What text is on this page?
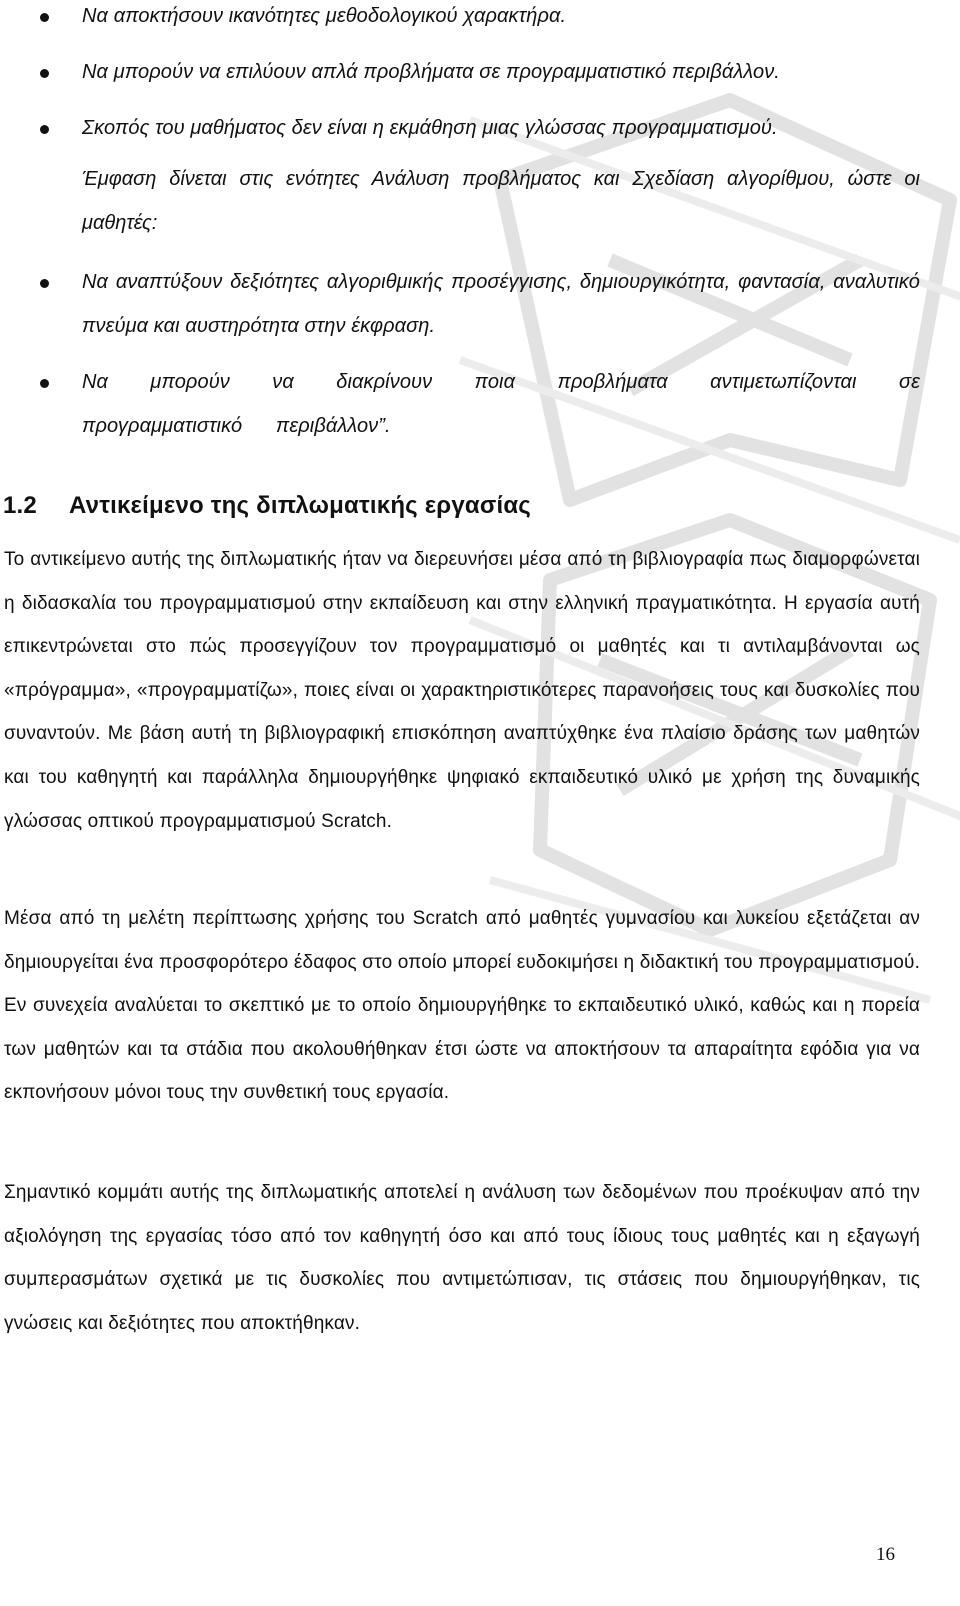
Να αποκτήσουν ικανότητες μεθοδολογικού χαρακτήρα.
Να μπορούν να επιλύουν απλά προβλήματα σε προγραμματιστικό περιβάλλον.
Σκοπός του μαθήματος δεν είναι η εκμάθηση μιας γλώσσας προγραμματισμού.
Έμφαση δίνεται στις ενότητες Ανάλυση προβλήματος και Σχεδίαση αλγορίθμου, ώστε οι μαθητές:
Να αναπτύξουν δεξιότητες αλγοριθμικής προσέγγισης, δημιουργικότητα, φαντασία, αναλυτικό πνεύμα και αυστηρότητα στην έκφραση.
Να μπορούν να διακρίνουν ποια προβλήματα αντιμετωπίζονται σε προγραμματιστικό περιβάλλον”.
1.2 Αντικείμενο της διπλωματικής εργασίας
Το αντικείμενο αυτής της διπλωματικής ήταν να διερευνήσει μέσα από τη βιβλιογραφία πως διαμορφώνεται η διδασκαλία του προγραμματισμού στην εκπαίδευση και στην ελληνική πραγματικότητα. Η εργασία αυτή επικεντρώνεται στο πώς προσεγγίζουν τον προγραμματισμό οι μαθητές και τι αντιλαμβάνονται ως «πρόγραμμα», «προγραμματίζω», ποιες είναι οι χαρακτηριστικότερες παρανοήσεις τους και δυσκολίες που συναντούν. Με βάση αυτή τη βιβλιογραφική επισκόπηση αναπτύχθηκε ένα πλαίσιο δράσης των μαθητών και του καθηγητή και παράλληλα δημιουργήθηκε ψηφιακό εκπαιδευτικό υλικό με χρήση της δυναμικής γλώσσας οπτικού προγραμματισμού Scratch.
Μέσα από τη μελέτη περίπτωσης χρήσης του Scratch από μαθητές γυμνασίου και λυκείου εξετάζεται αν δημιουργείται ένα προσφορότερο έδαφος στο οποίο μπορεί ευδοκιμήσει η διδακτική του προγραμματισμού. Εν συνεχεία αναλύεται το σκεπτικό με το οποίο δημιουργήθηκε το εκπαιδευτικό υλικό, καθώς και η πορεία των μαθητών και τα στάδια που ακολουθήθηκαν έτσι ώστε να αποκτήσουν τα απαραίτητα εφόδια για να εκπονήσουν μόνοι τους την συνθετική τους εργασία.
Σημαντικό κομμάτι αυτής της διπλωματικής αποτελεί η ανάλυση των δεδομένων που προέκυψαν από την αξιολόγηση της εργασίας τόσο από τον καθηγητή όσο και από τους ίδιους τους μαθητές και η εξαγωγή συμπερασμάτων σχετικά με τις δυσκολίες που αντιμετώπισαν, τις στάσεις που δημιουργήθηκαν, τις γνώσεις και δεξιότητες που αποκτήθηκαν.
16
